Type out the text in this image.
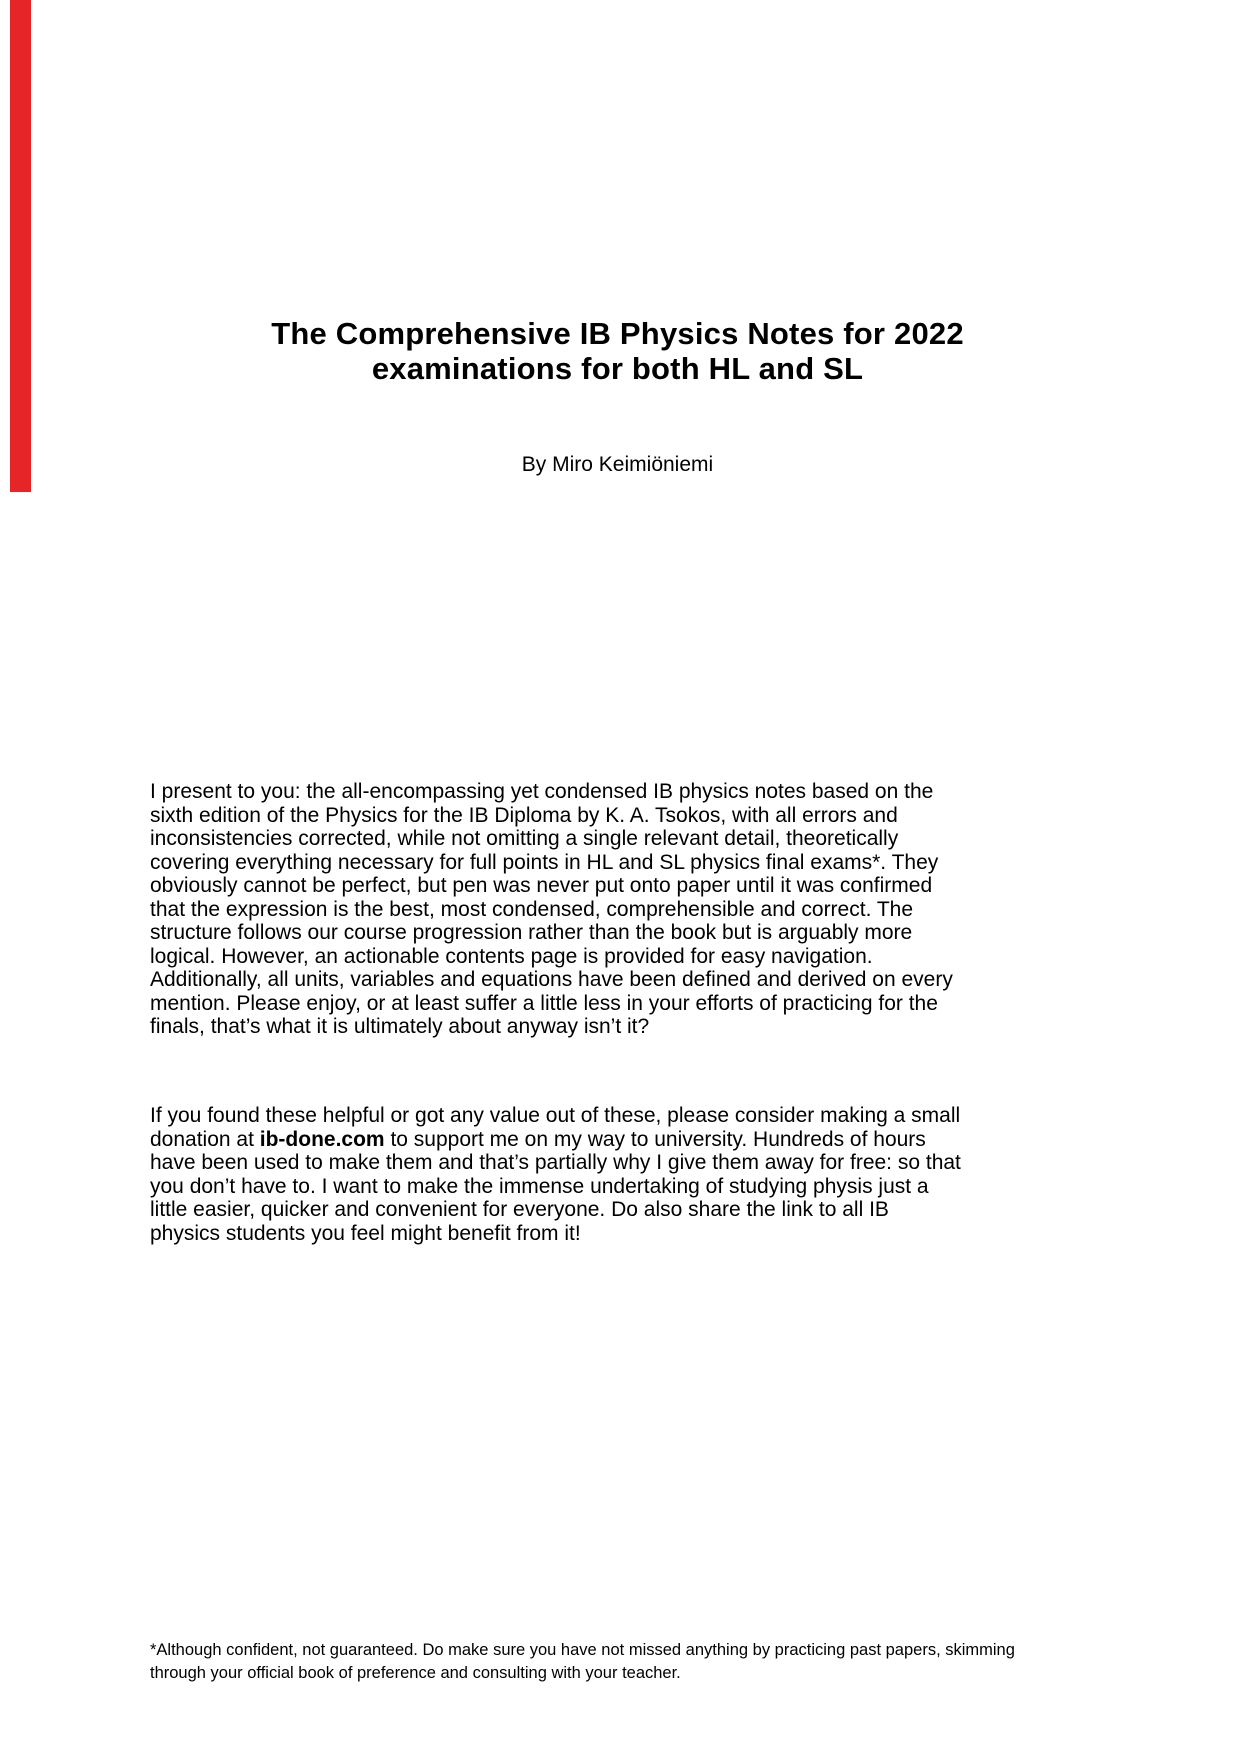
The Comprehensive IB Physics Notes for 2022
examinations for both HL and SL
By Miro Keimiöniemi
I present to you: the all-encompassing yet condensed IB physics notes based on the
sixth edition of the Physics for the IB Diploma by K. A. Tsokos, with all errors and
inconsistencies corrected, while not omitting a single relevant detail, theoretically
covering everything necessary for full points in HL and SL physics final exams*. They
obviously cannot be perfect, but pen was never put onto paper until it was confirmed
that the expression is the best, most condensed, comprehensible and correct. The
structure follows our course progression rather than the book but is arguably more
logical. However, an actionable contents page is provided for easy navigation.
Additionally, all units, variables and equations have been defined and derived on every
mention. Please enjoy, or at least suffer a little less in your efforts of practicing for the
finals, that’s what it is ultimately about anyway isn’t it?
If you found these helpful or got any value out of these, please consider making a small
donation at ib-done.com to support me on my way to university. Hundreds of hours
have been used to make them and that’s partially why I give them away for free: so that
you don’t have to. I want to make the immense undertaking of studying physis just a
little easier, quicker and convenient for everyone. Do also share the link to all IB
physics students you feel might benefit from it!
*Although confident, not guaranteed. Do make sure you have not missed anything by practicing past papers, skimming
through your official book of preference and consulting with your teacher.
